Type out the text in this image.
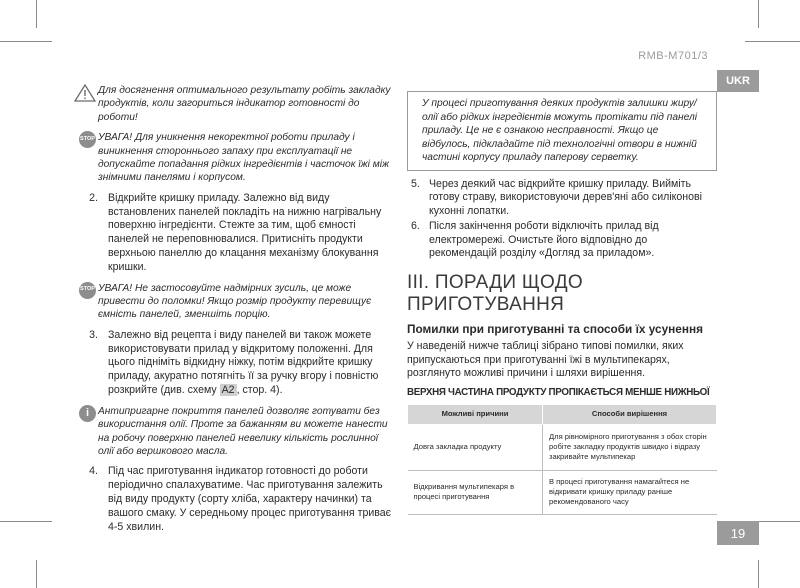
RMB-M701/3
UKR
19
Для досягнення оптимального результату робіть закладку продуктів, коли загориться індикатор готовності до роботи!
STOP УВАГА! Для уникнення некоректної роботи приладу і виникнення стороннього запаху при експлуатації не допускайте попадання рідких інгредієнтів і часточок їжі між знімними панелями і корпусом.
2. Відкрийте кришку приладу. Залежно від виду встановлених панелей покладіть на нижню нагрівальну поверхню інгредієнти. Стежте за тим, щоб ємності панелей не переповнювалися. Притисніть продукти верхньою панеллю до клацання механізму блокування кришки.
STOP УВАГА! Не застосовуйте надмірних зусиль, це може привести до поломки! Якщо розмір продукту перевищує ємність панелей, зменшіть порцію.
3. Залежно від рецепта і виду панелей ви також можете використовувати прилад у відкритому положенні. Для цього підніміть відкидну ніжку, потім відкрийте кришку приладу, акуратно потягніть її за ручку вгору і повністю розкрийте (див. схему A2 , стор. 4).
i Антипригарне покриття панелей дозволяє готувати без використання олії. Проте за бажанням ви можете нанести на робочу поверхню панелей невелику кількість рослинної олії або вершкового масла.
4. Під час приготування індикатор готовності до роботи періодично спалахуватиме. Час приготування залежить від виду продукту (сорту хліба, характеру начинки) та вашого смаку. У середньому процес приготування триває 4-5 хвилин.
У процесі приготування деяких продуктів залишки жиру/олії або рідких інгредієнтів можуть протікати під панелі приладу. Це не є ознакою несправності. Якщо це відбулось, підкладайте під технологічні отвори в нижній частині корпусу приладу паперову серветку.
5. Через деякий час відкрийте кришку приладу. Вийміть готову страву, використовуючи дерев'яні або силіконові кухонні лопатки.
6. Після закінчення роботи відключіть прилад від електромережі. Очистьте його відповідно до рекомендацій розділу «Догляд за приладом».
III. ПОРАДИ ЩОДО ПРИГОТУВАННЯ
Помилки при приготуванні та способи їх усунення
У наведеній нижче таблиці зібрано типові помилки, яких припускаються при приготуванні їжі в мультипекарях, розглянуто можливі причини і шляхи вирішення.
ВЕРХНЯ ЧАСТИНА ПРОДУКТУ ПРОПІКАЄТЬСЯ МЕНШЕ НИЖНЬОЇ
Можливі причини	Способи вирішення
Довга закладка продукту	Для рівномірного приготування з обох сторін робіте закладку продуктів швидко і відразу закривайте мультипекар
Відкривання мультипекаря в процесі приготування	В процесі приготування намагайтеся не відкривати кришку приладу раніше рекомендованого часу
